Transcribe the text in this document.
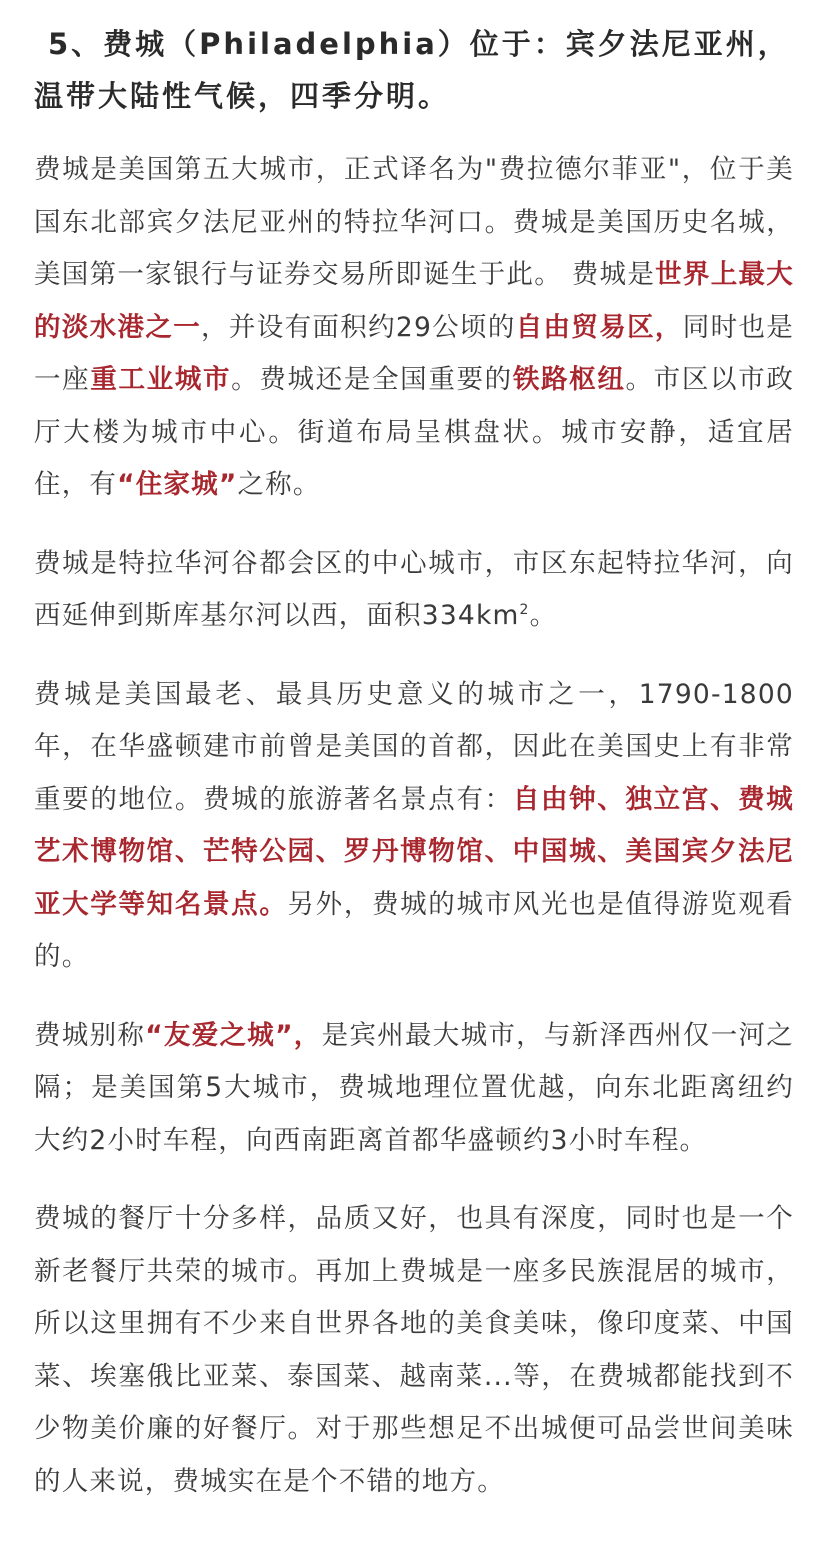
5、费城（Philadelphia）位于：宾夕法尼亚州，温带大陆性气候，四季分明。

费城是美国第五大城市，正式译名为"费拉德尔菲亚"，位于美国东北部宾夕法尼亚州的特拉华河口。费城是美国历史名城，美国第一家银行与证券交易所即诞生于此。 费城是世界上最大的淡水港之一，并设有面积约29公顷的自由贸易区，同时也是一座重工业城市。费城还是全国重要的铁路枢纽。市区以市政厅大楼为城市中心。街道布局呈棋盘状。城市安静，适宜居住，有“住家城”之称。

费城是特拉华河谷都会区的中心城市，市区东起特拉华河，向西延伸到斯库基尔河以西，面积$334km^2$。

费城是美国最老、最具历史意义的城市之一，1790-1800年，在华盛顿建市前曾是美国的首都，因此在美国史上有非常重要的地位。费城的旅游著名景点有：自由钟、独立宫、费城艺术博物馆、芒特公园、罗丹博物馆、中国城、美国宾夕法尼亚大学等知名景点。另外，费城的城市风光也是值得游览观看的。

费城别称“友爱之城”，是宾州最大城市，与新泽西州仅一河之隔；是美国第5大城市，费城地理位置优越，向东北距离纽约大约2小时车程，向西南距离首都华盛顿约3小时车程。

费城的餐厅十分多样，品质又好，也具有深度，同时也是一个新老餐厅共荣的城市。再加上费城是一座多民族混居的城市，所以这里拥有不少来自世界各地的美食美味，像印度菜、中国菜、埃塞俄比亚菜、泰国菜、越南菜...等，在费城都能找到不少物美价廉的好餐厅。对于那些想足不出城便可品尝世间美味的人来说，费城实在是个不错的地方。
